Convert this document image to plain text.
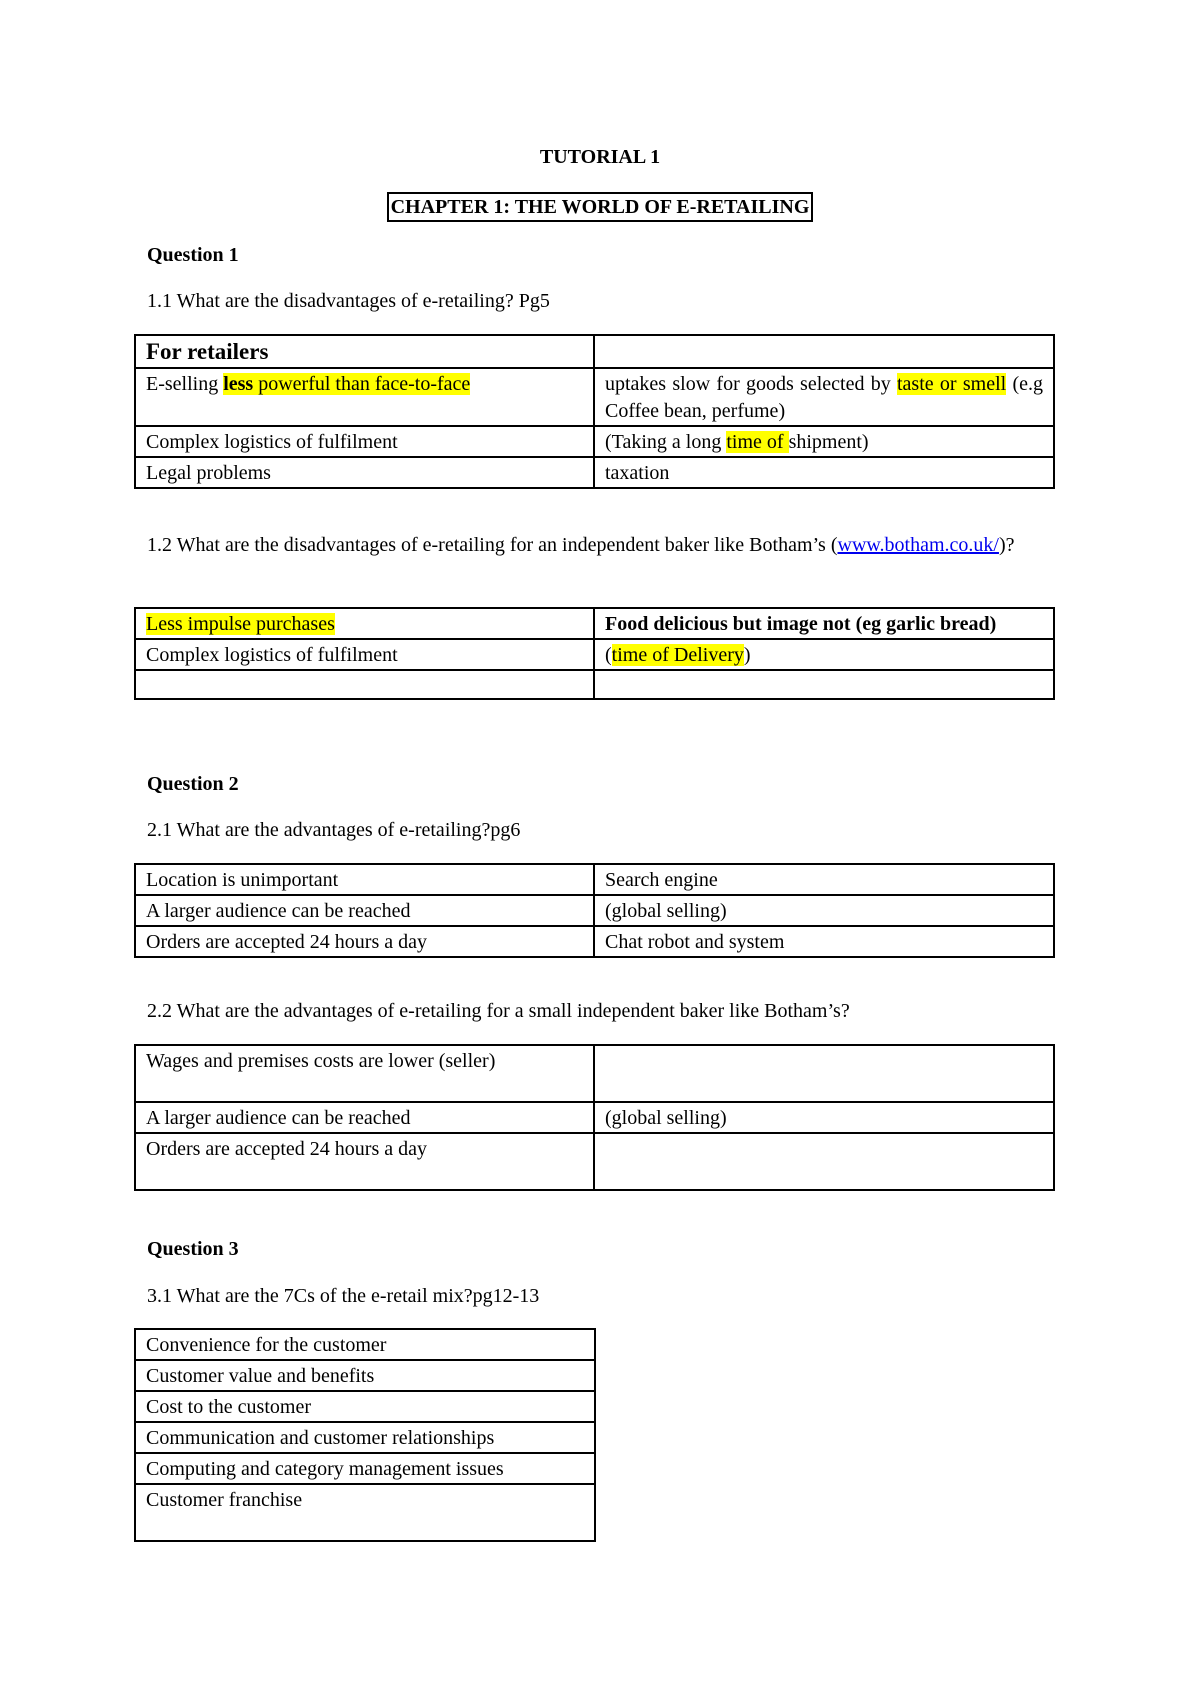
TUTORIAL 1
CHAPTER 1: THE WORLD OF E-RETAILING
Question 1
1.1 What are the disadvantages of e-retailing? Pg5
For retailers	
E-selling less powerful than face-to-face	uptakes slow for goods selected by taste or smell (e.g Coffee bean, perfume)
Complex logistics of fulfilment	(Taking a long time of shipment)
Legal problems	taxation
1.2 What are the disadvantages of e-retailing for an independent baker like Botham’s (www.botham.co.uk/)?
Less impulse purchases	Food delicious but image not (eg garlic bread)
Complex logistics of fulfilment	(time of Delivery)

Question 2
2.1 What are the advantages of e-retailing?pg6
Location is unimportant	Search engine
A larger audience can be reached	(global selling)
Orders are accepted 24 hours a day	Chat robot and system
2.2 What are the advantages of e-retailing for a small independent baker like Botham’s?
Wages and premises costs are lower (seller)	
A larger audience can be reached	(global selling)
Orders are accepted 24 hours a day	
Question 3
3.1 What are the 7Cs of the e-retail mix?pg12-13
Convenience for the customer
Customer value and benefits
Cost to the customer
Communication and customer relationships
Computing and category management issues
Customer franchise
